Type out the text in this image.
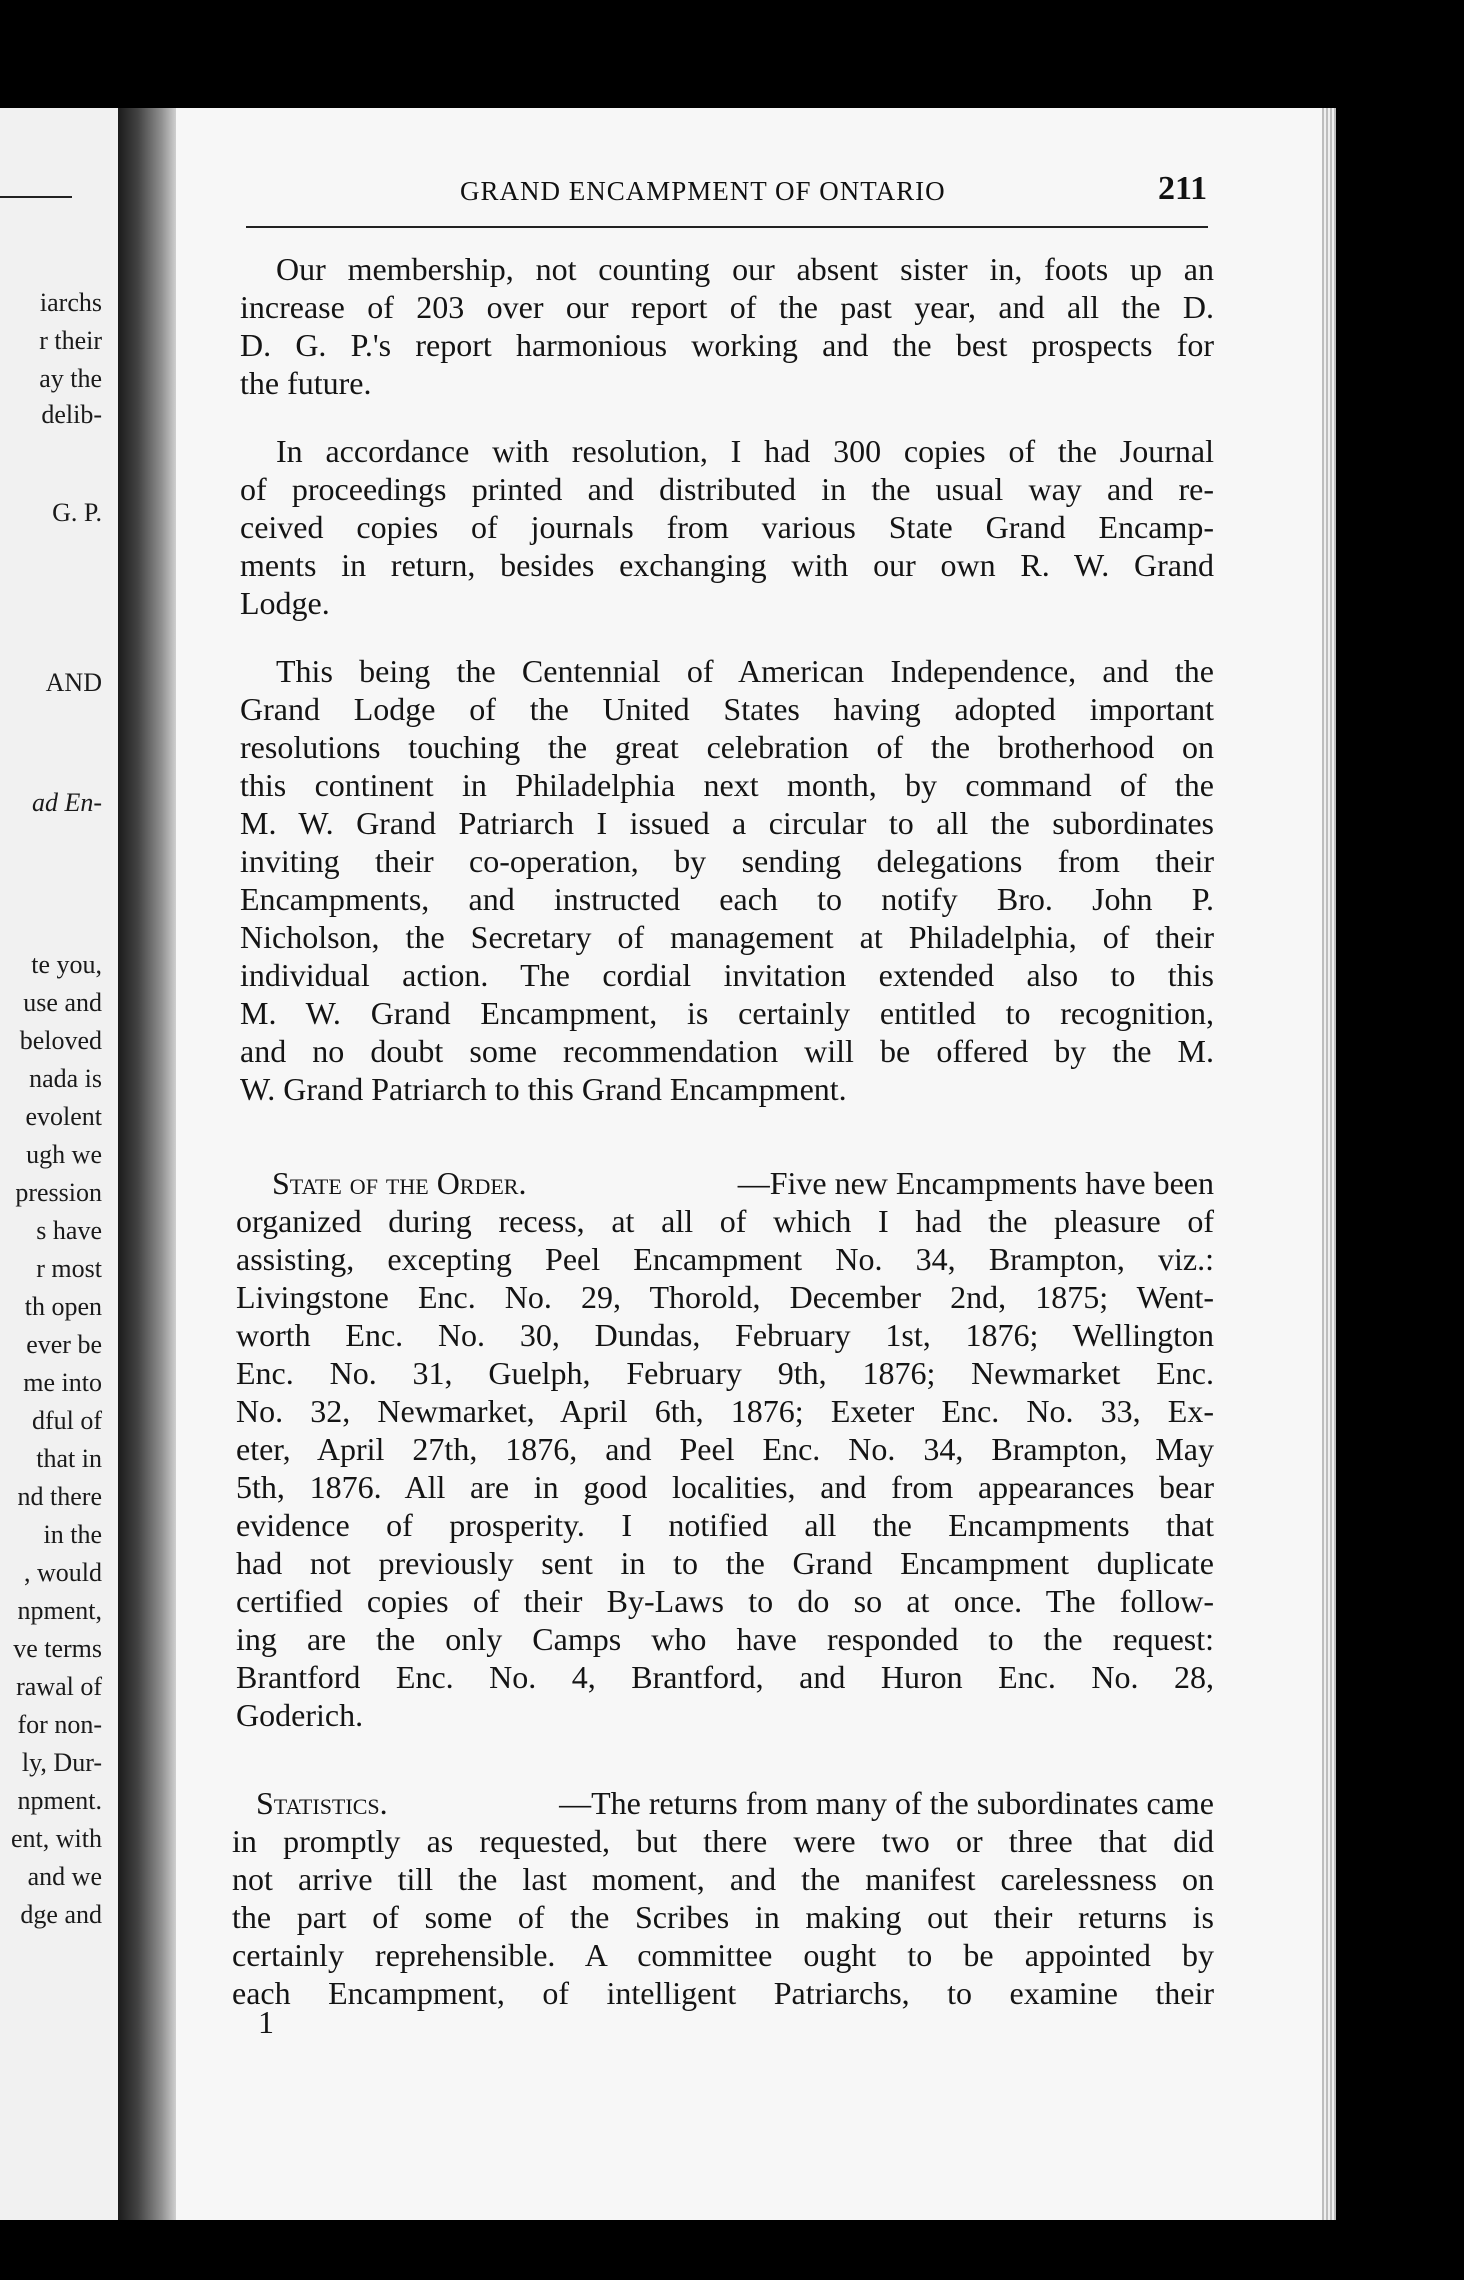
iarchs
r their
ay the
delib-
G. P.
AND
ad En-
te you,
use and
beloved
nada is
evolent
ugh we
pression
s have
r most
th open
ever be
me into
dful of
that in
nd there
in the
, would
npment,
ve terms
rawal of
for non-
ly, Dur-
npment.
ent, with
and we
dge and
GRAND ENCAMPMENT OF ONTARIO	211
Our membership, not counting our absent sister in, foots up an
increase of 203 over our report of the past year, and all the D.
D. G. P.'s report harmonious working and the best prospects for
the future.
In accordance with resolution, I had 300 copies of the Journal
of proceedings printed and distributed in the usual way and re-
ceived copies of journals from various State Grand Encamp-
ments in return, besides exchanging with our own R. W. Grand
Lodge.
This being the Centennial of American Independence, and the
Grand Lodge of the United States having adopted important
resolutions touching the great celebration of the brotherhood on
this continent in Philadelphia next month, by command of the
M. W. Grand Patriarch I issued a circular to all the subordinates
inviting their co-operation, by sending delegations from their
Encampments, and instructed each to notify Bro. John P.
Nicholson, the Secretary of management at Philadelphia, of their
individual action. The cordial invitation extended also to this
M. W. Grand Encampment, is certainly entitled to recognition,
and no doubt some recommendation will be offered by the M.
W. Grand Patriarch to this Grand Encampment.
State of the Order.	—Five new Encampments have been
organized during recess, at all of which I had the pleasure of
assisting, excepting Peel Encampment No. 34, Brampton, viz.:
Livingstone Enc. No. 29, Thorold, December 2nd, 1875; Went-
worth Enc. No. 30, Dundas, February 1st, 1876; Wellington
Enc. No. 31, Guelph, February 9th, 1876; Newmarket Enc.
No. 32, Newmarket, April 6th, 1876; Exeter Enc. No. 33, Ex-
eter, April 27th, 1876, and Peel Enc. No. 34, Brampton, May
5th, 1876. All are in good localities, and from appearances bear
evidence of prosperity. I notified all the Encampments that
had not previously sent in to the Grand Encampment duplicate
certified copies of their By-Laws to do so at once. The follow-
ing are the only Camps who have responded to the request:
Brantford Enc. No. 4, Brantford, and Huron Enc. No. 28,
Goderich.
Statistics.	—The returns from many of the subordinates came
in promptly as requested, but there were two or three that did
not arrive till the last moment, and the manifest carelessness on
the part of some of the Scribes in making out their returns is
certainly reprehensible. A committee ought to be appointed by
each Encampment, of intelligent Patriarchs, to examine their
1
